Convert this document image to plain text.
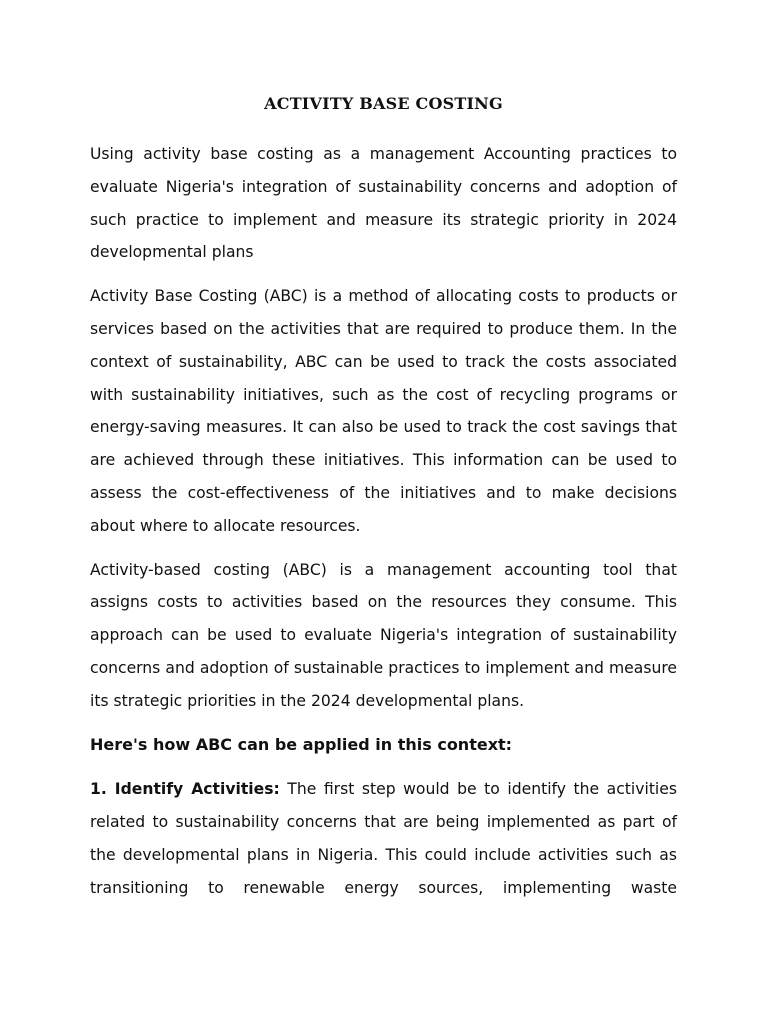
ACTIVITY BASE COSTING

Using activity base costing as a management Accounting practices to evaluate Nigeria's integration of sustainability concerns and adoption of such practice to implement and measure its strategic priority in 2024 developmental plans

Activity Base Costing (ABC) is a method of allocating costs to products or services based on the activities that are required to produce them. In the context of sustainability, ABC can be used to track the costs associated with sustainability initiatives, such as the cost of recycling programs or energy-saving measures. It can also be used to track the cost savings that are achieved through these initiatives. This information can be used to assess the cost-effectiveness of the initiatives and to make decisions about where to allocate resources.

Activity-based costing (ABC) is a management accounting tool that assigns costs to activities based on the resources they consume. This approach can be used to evaluate Nigeria's integration of sustainability concerns and adoption of sustainable practices to implement and measure its strategic priorities in the 2024 developmental plans.

Here's how ABC can be applied in this context:

1. Identify Activities: The first step would be to identify the activities related to sustainability concerns that are being implemented as part of the developmental plans in Nigeria. This could include activities such as transitioning to renewable energy sources, implementing waste
